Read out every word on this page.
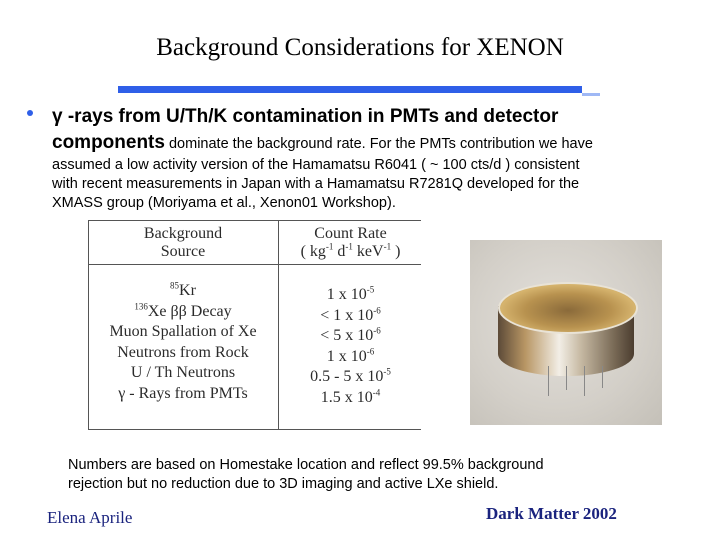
Background Considerations for XENON
γ -rays from U/Th/K contamination in PMTs and detector
components dominate the background rate. For the PMTs contribution we have
assumed a low activity version of the Hamamatsu R6041 ( ~ 100 cts/d ) consistent
with recent measurements in Japan with a Hamamatsu R7281Q developed for the
XMASS group (Moriyama et al., Xenon01 Workshop).
Background
Source
Count Rate
( $kg^{-1}$ $d^{-1}$ keV$^{-1}$ )
$^{85}$Kr
$^{136}$Xe ββ Decay
Muon Spallation of Xe
Neutrons from Rock
U / Th Neutrons
γ - Rays from PMTs
1 x $10^{-5}$
< 1 x $10^{-6}$
< 5 x $10^{-6}$
1 x $10^{-6}$
0.5 - 5 x $10^{-5}$
1.5 x $10^{-4}$
Numbers are based on Homestake location and reflect 99.5% background
rejection but no reduction due to 3D imaging and active LXe shield.
Elena Aprile	Dark Matter 2002
